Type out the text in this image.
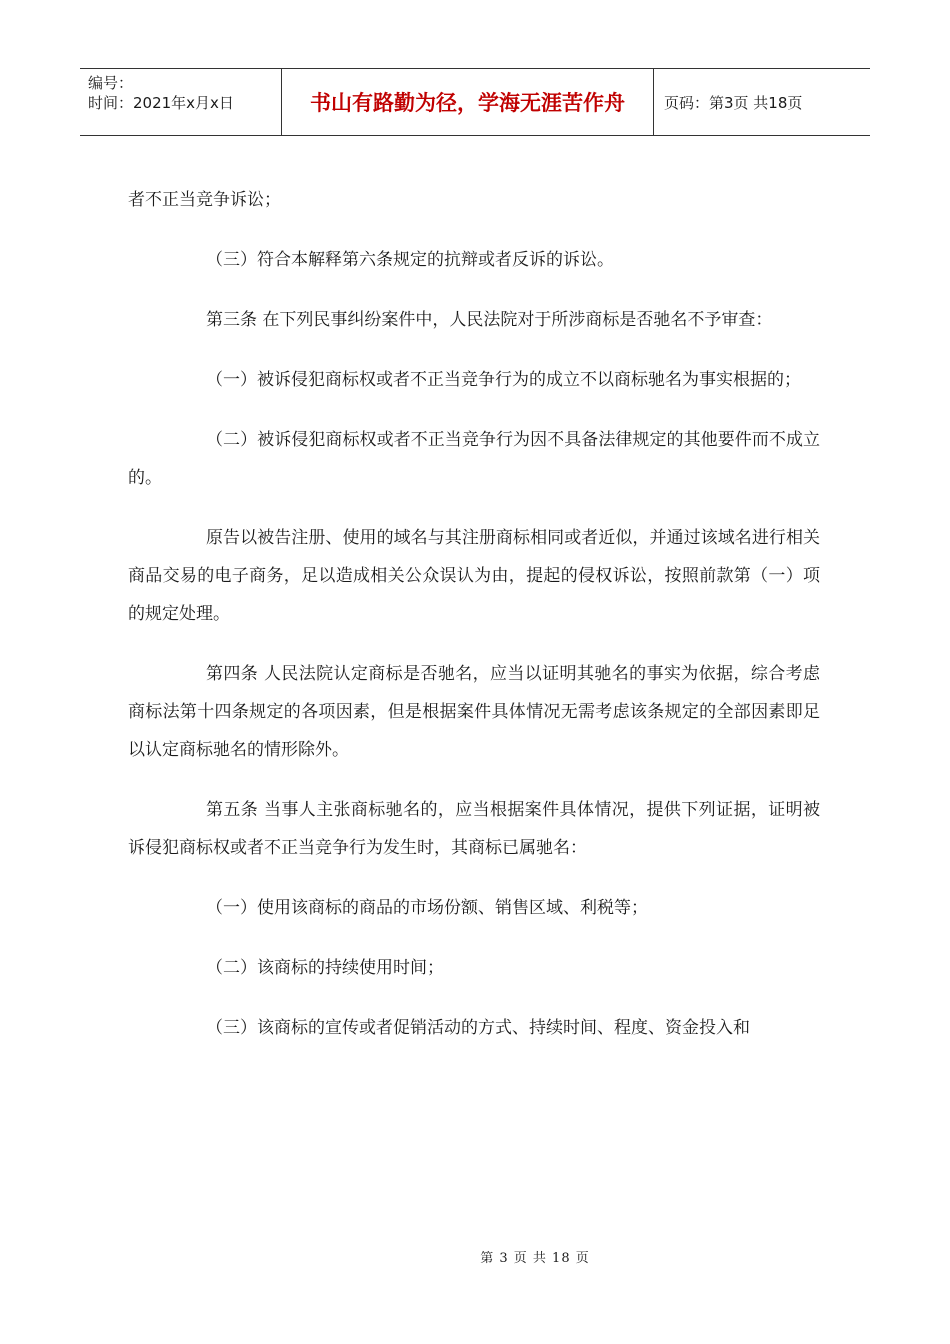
编号：
时间：2021年x月x日	书山有路勤为径，学海无涯苦作舟	页码：第3页 共18页

者不正当竞争诉讼；

（三）符合本解释第六条规定的抗辩或者反诉的诉讼。

第三条 在下列民事纠纷案件中，人民法院对于所涉商标是否驰名不予审查：

（一）被诉侵犯商标权或者不正当竞争行为的成立不以商标驰名为事实根据的；

（二）被诉侵犯商标权或者不正当竞争行为因不具备法律规定的其他要件而不成立的。

原告以被告注册、使用的域名与其注册商标相同或者近似，并通过该域名进行相关商品交易的电子商务，足以造成相关公众误认为由，提起的侵权诉讼，按照前款第（一）项的规定处理。

第四条 人民法院认定商标是否驰名，应当以证明其驰名的事实为依据，综合考虑商标法第十四条规定的各项因素，但是根据案件具体情况无需考虑该条规定的全部因素即足以认定商标驰名的情形除外。

第五条 当事人主张商标驰名的，应当根据案件具体情况，提供下列证据，证明被诉侵犯商标权或者不正当竞争行为发生时，其商标已属驰名：

（一）使用该商标的商品的市场份额、销售区域、利税等；

（二）该商标的持续使用时间；

（三）该商标的宣传或者促销活动的方式、持续时间、程度、资金投入和

第 3 页 共 18 页
